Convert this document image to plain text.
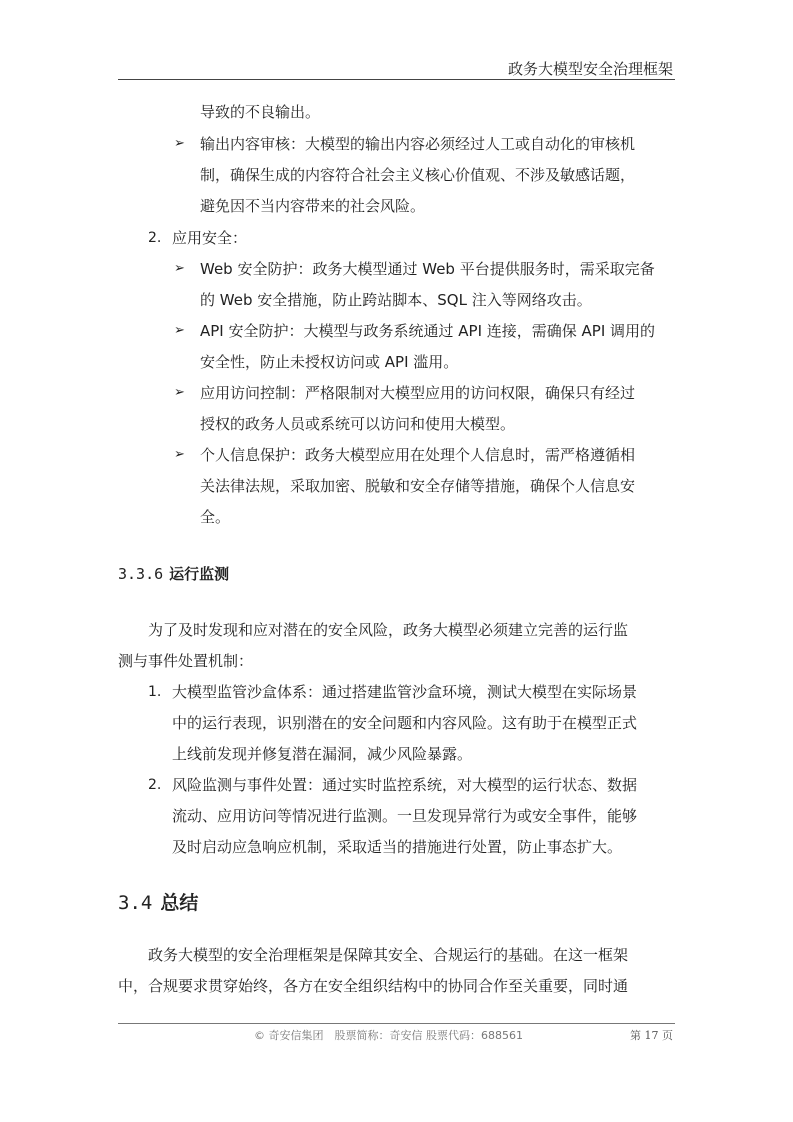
政务大模型安全治理框架
导致的不良输出。
➢	输出内容审核：大模型的输出内容必须经过人工或自动化的审核机
制，确保生成的内容符合社会主义核心价值观、不涉及敏感话题，
避免因不当内容带来的社会风险。
2. 应用安全：
➢	Web 安全防护：政务大模型通过 Web 平台提供服务时，需采取完备
的 Web 安全措施，防止跨站脚本、SQL 注入等网络攻击。
➢	API 安全防护：大模型与政务系统通过 API 连接，需确保 API 调用的
安全性，防止未授权访问或 API 滥用。
➢	应用访问控制：严格限制对大模型应用的访问权限，确保只有经过
授权的政务人员或系统可以访问和使用大模型。
➢	个人信息保护：政务大模型应用在处理个人信息时，需严格遵循相
关法律法规，采取加密、脱敏和安全存储等措施，确保个人信息安
全。
3.3.6 运行监测
为了及时发现和应对潜在的安全风险，政务大模型必须建立完善的运行监
测与事件处置机制：
1. 大模型监管沙盒体系：通过搭建监管沙盒环境，测试大模型在实际场景
中的运行表现，识别潜在的安全问题和内容风险。这有助于在模型正式
上线前发现并修复潜在漏洞，减少风险暴露。
2. 风险监测与事件处置：通过实时监控系统，对大模型的运行状态、数据
流动、应用访问等情况进行监测。一旦发现异常行为或安全事件，能够
及时启动应急响应机制，采取适当的措施进行处置，防止事态扩大。
3.4 总结
政务大模型的安全治理框架是保障其安全、合规运行的基础。在这一框架
中，合规要求贯穿始终，各方在安全组织结构中的协同合作至关重要，同时通
© 奇安信集团　股票简称：奇安信 股票代码：688561	第 17 页
